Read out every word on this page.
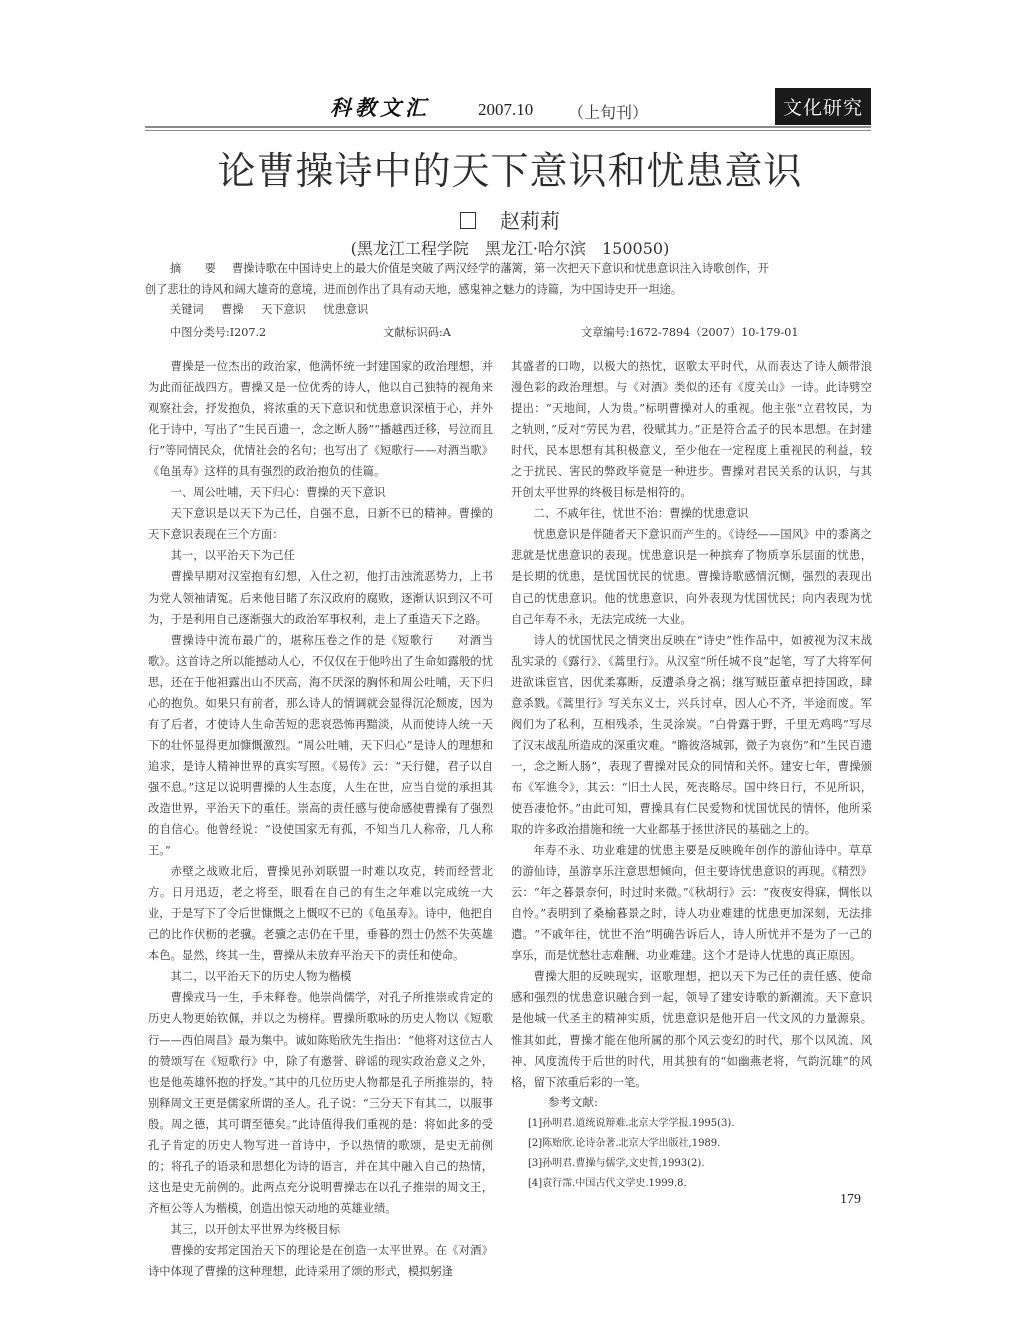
科教文汇	2007.10 （上旬刊）	文化研究
论曹操诗中的天下意识和忧患意识
赵莉莉
(黑龙江工程学院　黑龙江·哈尔滨　150050)
摘 要 曹操诗歌在中国诗史上的最大价值是突破了两汉经学的藩篱，第一次把天下意识和忧患意识注入诗歌创作，开
创了悲壮的诗风和阔大雄奇的意境，进而创作出了具有动天地，感鬼神之魅力的诗篇，为中国诗史开一坦途。
关键词 曹操 天下意识 忧患意识
中图分类号:I207.2	文献标识码:A	文章编号:1672-7894（2007）10-179-01

曹操是一位杰出的政治家，他满怀统一封建国家的政治理想，并为此而征战四方。曹操又是一位优秀的诗人，他以自己独特的视角来观察社会，抒发抱负，将浓重的天下意识和忧患意识深植于心，并外化于诗中，写出了“生民百遗一，念之断人肠”“播越西迁移，号泣而且行”等同情民众，优情社会的名句；也写出了《短歌行——对酒当歌》《龟虽寿》这样的具有强烈的政治抱负的佳篇。

一、周公吐哺，天下归心：曹操的天下意识

天下意识是以天下为己任，自强不息，日新不已的精神。曹操的天下意识表现在三个方面：

其一，以平治天下为己任

曹操早期对汉室抱有幻想，入仕之初，他打击浊流恶势力，上书为党人领袖请冤。后来他目睹了东汉政府的腐败，逐渐认识到汉不可为，于是利用自己逐渐强大的政治军事权利，走上了重造天下之路。

曹操诗中流布最广的，堪称压卷之作的是《短歌行　　对酒当歌》。这首诗之所以能撼动人心，不仅仅在于他吟出了生命如露般的忧思，还在于他袒露出山不厌高，海不厌深的胸怀和周公吐哺，天下归心的抱负。如果只有前者，那么诗人的情调就会显得沉沦颓废，因为有了后者，才使诗人生命苦短的悲哀恐怖再黯淡，从而使诗人统一天下的壮怀显得更加慷慨激烈。“周公吐哺，天下归心”是诗人的理想和追求，是诗人精神世界的真实写照。《易传》云：“天行健，君子以自强不息。”这足以说明曹操的人生态度，人生在世，应当自觉的承担其改造世界，平治天下的重任。崇高的责任感与使命感使曹操有了强烈的自信心。他曾经说：“设使国家无有孤，不知当几人称帝，几人称王。”

赤壁之战败北后，曹操见孙刘联盟一时难以攻克，转而经营北方。日月迅迈，老之将至，眼看在自己的有生之年难以完成统一大业，于是写下了令后世慷慨之上慨叹不已的《龟虽寿》。诗中，他把自己的比作伏枥的老骥。老骥之志仍在千里，垂暮的烈士仍然不失英雄本色。显然，终其一生，曹操从未放弃平治天下的责任和使命。

其二，以平治天下的历史人物为楷模

曹操戎马一生，手未释卷。他崇尚儒学，对孔子所推崇或肯定的历史人物更始钦佩，并以之为榜样。曹操所歌咏的历史人物以《短歌行——西伯周昌》最为集中。诚如陈贻欣先生指出：“他将对这位古人的赞颂写在《短歌行》中，除了有邀誉、辟谣的现实政治意义之外，也是他英雄怀抱的抒发。”其中的几位历史人物都是孔子所推崇的，特别释周文王更是儒家所谓的圣人。孔子说：“三分天下有其二，以服事殷。周之德，其可谓至德矣。”此诗值得我们重视的是：将如此多的受孔子肯定的历史人物写进一首诗中，予以热情的歌颂，是史无前例的；将孔子的语录和思想化为诗的语言，并在其中融入自己的热情，这也是史无前例的。此两点充分说明曹操志在以孔子推崇的周文王，齐桓公等人为楷模，创造出惊天动地的英雄业绩。

其三，以开创太平世界为终极目标

曹操的安邦定国治天下的理论是在创造一太平世界。在《对酒》诗中体现了曹操的这种理想，此诗采用了颂的形式，模拟躬逢

其盛者的口吻，以极大的热忱，讴歌太平时代，从而表达了诗人颇带浪漫色彩的政治理想。与《对酒》类似的还有《度关山》一诗。此诗劈空提出：“天地间，人为贵。”标明曹操对人的重视。他主张“立君牧民，为之轨则，”反对“劳民为君，役赋其力。”正是符合孟子的民本思想。在封建时代，民本思想有其积极意义，至少他在一定程度上重视民的利益，较之于扰民、害民的弊政毕竟是一种进步。曹操对君民关系的认识，与其开创太平世界的终极目标是相符的。

二、不戚年往，忧世不治：曹操的忧患意识

忧患意识是伴随者天下意识而产生的。《诗经——国风》中的黍离之悲就是忧患意识的表现。忧患意识是一种摈弃了物质享乐层面的忧患，是长期的忧患，是忧国忧民的忧患。曹操诗歌感情沉恻，强烈的表现出自己的忧患意识。他的忧患意识，向外表现为忧国忧民；向内表现为忧自己年寿不永，无法完成统一大业。

诗人的忧国忧民之情突出反映在“诗史”性作品中，如被视为汉末战乱实录的《露行》、《蒿里行》。从汉室“所任城不良”起笔，写了大将军何进欲诛宦官，因优柔寡断，反遭杀身之祸；继写贼臣董卓把持国政，肆意杀戮。《蒿里行》写关东义士，兴兵讨卓，因人心不齐，半途而废。军阀们为了私利，互相残杀，生灵涂炭。“白骨露于野，千里无鸡鸣”写尽了汉末战乱所造成的深重灾难。“瞻彼洛城郭，微子为哀伤”和“生民百遗一，念之断人肠”，表现了曹操对民众的同情和关怀。建安七年，曹操颁布《军谯令》，其云：“旧土人民，死丧略尽。国中终日行，不见所识，使吾凄怆怀。”由此可知，曹操具有仁民爱物和忧国忧民的情怀，他所采取的许多政治措施和统一大业都基于拯世济民的基础之上的。

年寿不永、功业难建的忧患主要是反映晚年创作的游仙诗中。草草的游仙诗，虽游享乐注意思想倾向，但主要诗忧患意识的再现。《精烈》云：“年之暮景奈何，时过时来微。”《秋胡行》云：“夜夜安得寐，惆怅以自怜。”表明到了桑榆暮景之时，诗人功业难建的忧患更加深刻，无法排遣。“不戚年往，忧世不治”明确告诉后人，诗人所忧并不是为了一己的享乐，而是忧愁壮志难酬、功业难建。这个才是诗人忧患的真正原因。

曹操大胆的反映现实，讴歌理想，把以天下为己任的责任感、使命感和强烈的忧患意识融合到一起，领导了建安诗歌的新潮流。天下意识是他城一代圣主的精神实质，忧患意识是他开启一代文风的力量源泉。惟其如此，曹操才能在他所属的那个风云变幻的时代，那个以风流、风神、风度流传于后世的时代，用其独有的“如幽燕老将，气韵沉雄”的风格，留下浓重后彩的一笔。

参考文献:
[1]孙明君.道统说辩难.北京大学学报.1995(3).
[2]陈贻欣.论诗杂著.北京大学出版社,1989.
[3]孙明君.曹操与儒学,文史哲,1993(2).
[4]袁行霈.中国古代文学史.1999.8.
179
